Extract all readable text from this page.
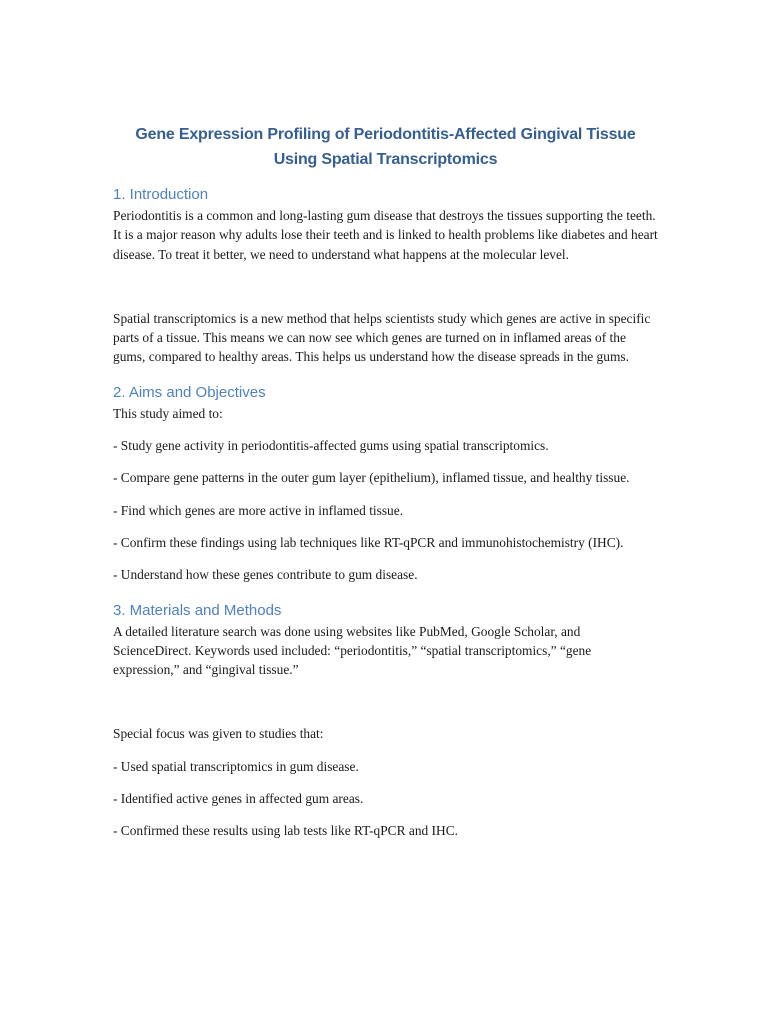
Gene Expression Profiling of Periodontitis-Affected Gingival Tissue Using Spatial Transcriptomics
1. Introduction

Periodontitis is a common and long-lasting gum disease that destroys the tissues supporting the teeth. It is a major reason why adults lose their teeth and is linked to health problems like diabetes and heart disease. To treat it better, we need to understand what happens at the molecular level.

Spatial transcriptomics is a new method that helps scientists study which genes are active in specific parts of a tissue. This means we can now see which genes are turned on in inflamed areas of the gums, compared to healthy areas. This helps us understand how the disease spreads in the gums.

2. Aims and Objectives

This study aimed to:

- Study gene activity in periodontitis-affected gums using spatial transcriptomics.

- Compare gene patterns in the outer gum layer (epithelium), inflamed tissue, and healthy tissue.

- Find which genes are more active in inflamed tissue.

- Confirm these findings using lab techniques like RT-qPCR and immunohistochemistry (IHC).

- Understand how these genes contribute to gum disease.

3. Materials and Methods

A detailed literature search was done using websites like PubMed, Google Scholar, and ScienceDirect. Keywords used included: “periodontitis,” “spatial transcriptomics,” “gene expression,” and “gingival tissue.”

Special focus was given to studies that:

- Used spatial transcriptomics in gum disease.

- Identified active genes in affected gum areas.

- Confirmed these results using lab tests like RT-qPCR and IHC.
